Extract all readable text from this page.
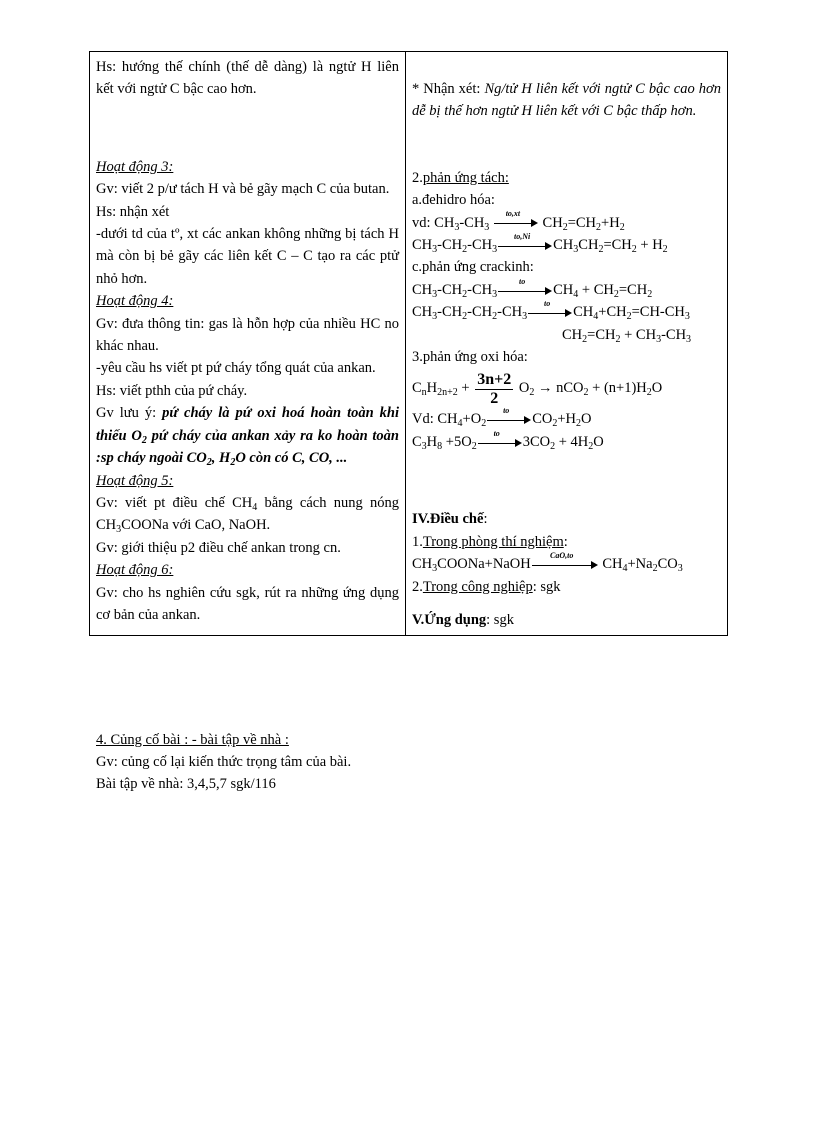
Hs: hướng thế chính (thế dễ dàng) là ngtử H liên kết với ngtử C bậc cao hơn.
Hoạt động 3:
Gv: viết 2 p/ư tách H và bẻ gãy mạch C của butan.
Hs: nhận xét
-dưới td của tº, xt các ankan không những bị tách H mà còn bị bẻ gãy các liên kết C – C tạo ra các ptử nhỏ hơn.
Hoạt động 4:
Gv: đưa thông tin: gas là hỗn hợp của nhiều HC no khác nhau.
-yêu cầu hs viết pt pứ cháy tổng quát của ankan.
Hs: viết pthh của pứ cháy.
Gv lưu ý: pứ cháy là pứ oxi hoá hoàn toàn khi thiếu $O_2$ pứ cháy của ankan xảy ra ko hoàn toàn :sp cháy ngoài $CO_2$, $H_2O$ còn có C, CO, ...
Hoạt động 5:
Gv: viết pt điều chế $CH_4$ bằng cách nung nóng $CH_3COONa$ với CaO, NaOH.
Gv: giới thiệu p2 điều chế ankan trong cn.
Hoạt động 6:
Gv: cho hs nghiên cứu sgk, rút ra những ứng dụng cơ bản của ankan.

* Nhận xét: Ng/tử H liên kết với ngtử C bậc cao hơn dễ bị thế hơn ngtử H liên kết với C bậc thấp hơn.
2.phản ứng tách:
a.đehidro hóa:
vd: $CH_3-CH_3$
to,xt
$CH_2=CH_2+H_2$
$CH_3-CH_2-CH_3$
to,Ni
$CH_3CH_2=CH_2 + H_2$
c.phản ứng crackinh:
$CH_3-CH_2-CH_3$
to
$CH_4 + CH_2=CH_2$
$CH_3-CH_2-CH_2-CH_3$
to
$CH_4+CH_2=CH-CH_3$
$CH_2=CH_2 + CH_3-CH_3$
3.phản ứng oxi hóa:
$C_nH_{2n+2} + \frac{3n+2}{2} O_2 \to nCO_2 + (n+1)H_2O$
Vd: $CH_4+O_2$
to
$CO_2+H_2O$
$C_3H_8 +5O_2$
to
$3CO_2 + 4H_2O$
IV.Điều chế:
1.Trong phòng thí nghiệm:
$CH_3COONa+NaOH$
CaO,to
$CH_4+Na_2CO_3$
2.Trong công nghiệp: sgk
V.Ứng dụng: sgk
4. Củng cố bài : - bài tập về nhà :
Gv: củng cố lại kiến thức trọng tâm của bài.
Bài tập về nhà: 3,4,5,7 sgk/116
